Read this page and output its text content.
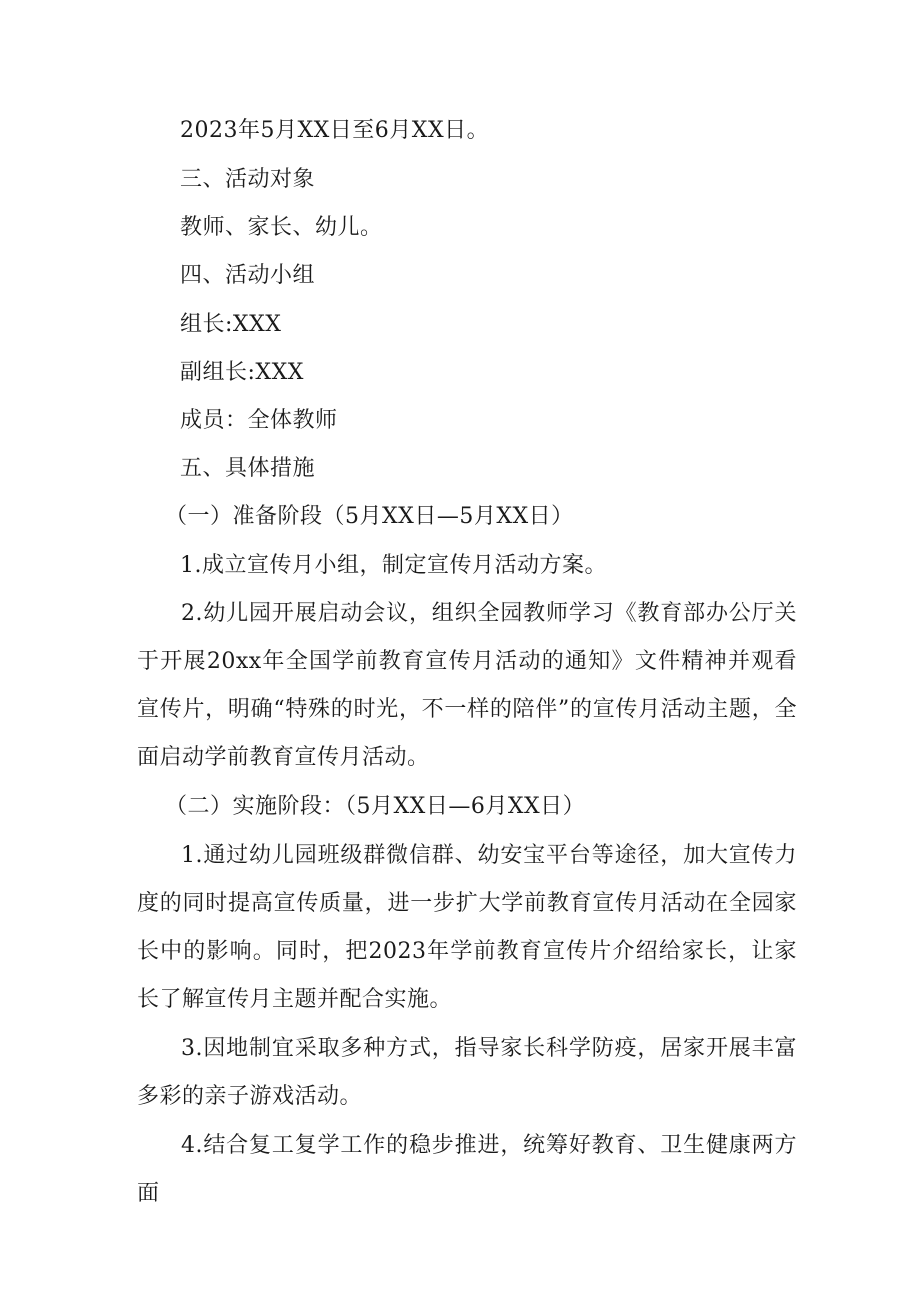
2023年5月XX日至6月XX日。
三、活动对象
教师、家长、幼儿。
四、活动小组
组长:XXX
副组长:XXX
成员：全体教师
五、具体措施
（一）准备阶段（5月XX日—5月XX日）
1.成立宣传月小组，制定宣传月活动方案。
2.幼儿园开展启动会议，组织全园教师学习《教育部办公厅关于开展20xx年全国学前教育宣传月活动的通知》文件精神并观看宣传片，明确“特殊的时光，不一样的陪伴”的宣传月活动主题，全面启动学前教育宣传月活动。
（二）实施阶段：（5月XX日—6月XX日）
1.通过幼儿园班级群微信群、幼安宝平台等途径，加大宣传力度的同时提高宣传质量，进一步扩大学前教育宣传月活动在全园家长中的影响。同时，把2023年学前教育宣传片介绍给家长，让家长了解宣传月主题并配合实施。
3.因地制宜采取多种方式，指导家长科学防疫，居家开展丰富多彩的亲子游戏活动。
4.结合复工复学工作的稳步推进，统筹好教育、卫生健康两方面
